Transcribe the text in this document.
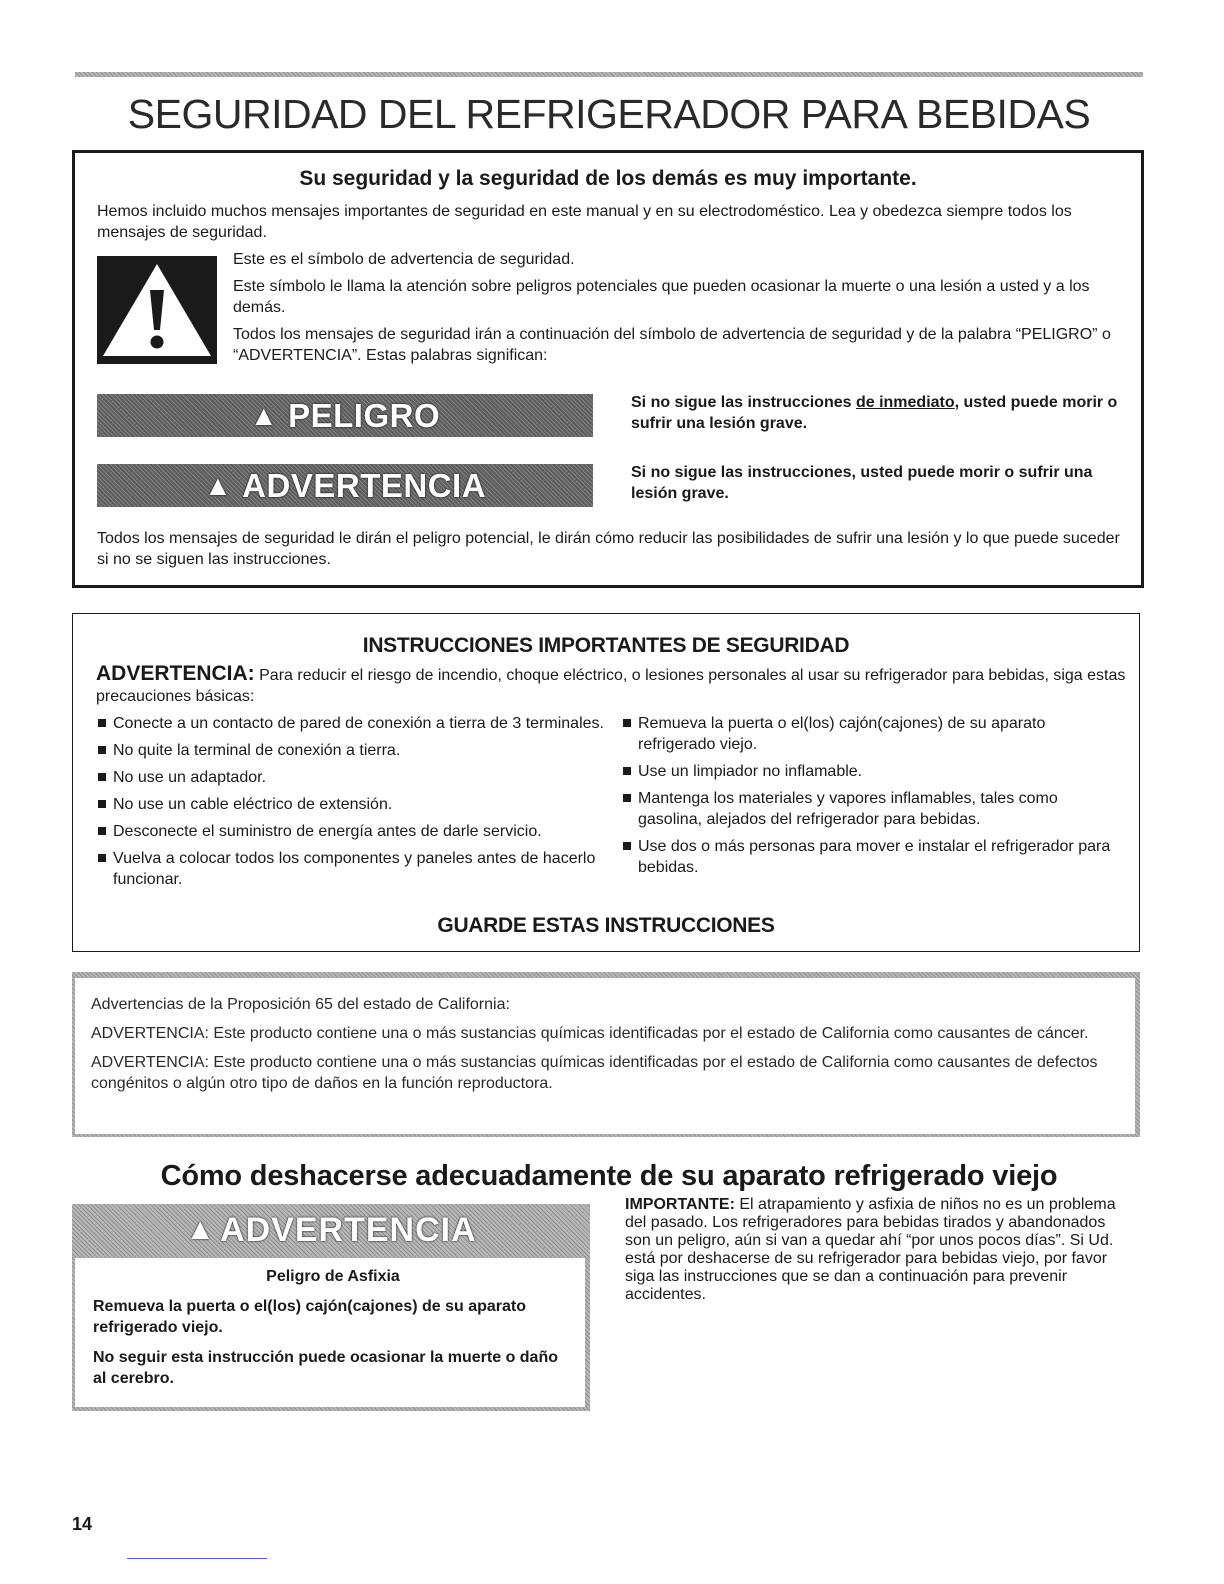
SEGURIDAD DEL REFRIGERADOR PARA BEBIDAS
Su seguridad y la seguridad de los demás es muy importante.
Hemos incluido muchos mensajes importantes de seguridad en este manual y en su electrodoméstico. Lea y obedezca siempre todos los mensajes de seguridad.

Este es el símbolo de advertencia de seguridad.

Este símbolo le llama la atención sobre peligros potenciales que pueden ocasionar la muerte o una lesión a usted y a los demás.

Todos los mensajes de seguridad irán a continuación del símbolo de advertencia de seguridad y de la palabra “PELIGRO” o “ADVERTENCIA”. Estas palabras significan:

▲ PELIGRO	Si no sigue las instrucciones de inmediato, usted puede morir o sufrir una lesión grave.
▲ ADVERTENCIA	Si no sigue las instrucciones, usted puede morir o sufrir una lesión grave.
Todos los mensajes de seguridad le dirán el peligro potencial, le dirán cómo reducir las posibilidades de sufrir una lesión y lo que puede suceder si no se siguen las instrucciones.
INSTRUCCIONES IMPORTANTES DE SEGURIDAD
ADVERTENCIA: Para reducir el riesgo de incendio, choque eléctrico, o lesiones personales al usar su refrigerador para bebidas, siga estas precauciones básicas:
Conecte a un contacto de pared de conexión a tierra de 3 terminales.
No quite la terminal de conexión a tierra.
No use un adaptador.
No use un cable eléctrico de extensión.
Desconecte el suministro de energía antes de darle servicio.
Vuelva a colocar todos los componentes y paneles antes de hacerlo funcionar.
Remueva la puerta o el(los) cajón(cajones) de su aparato refrigerado viejo.
Use un limpiador no inflamable.
Mantenga los materiales y vapores inflamables, tales como gasolina, alejados del refrigerador para bebidas.
Use dos o más personas para mover e instalar el refrigerador para bebidas.
GUARDE ESTAS INSTRUCCIONES

Advertencias de la Proposición 65 del estado de California:

ADVERTENCIA: Este producto contiene una o más sustancias químicas identificadas por el estado de California como causantes de cáncer.

ADVERTENCIA: Este producto contiene una o más sustancias químicas identificadas por el estado de California como causantes de defectos congénitos o algún otro tipo de daños en la función reproductora.

Cómo deshacerse adecuadamente de su aparato refrigerado viejo
▲ ADVERTENCIA

Peligro de Asfixia

Remueva la puerta o el(los) cajón(cajones) de su aparato refrigerado viejo.

No seguir esta instrucción puede ocasionar la muerte o daño al cerebro.

IMPORTANTE: El atrapamiento y asfixia de niños no es un problema del pasado. Los refrigeradores para bebidas tirados y abandonados son un peligro, aún si van a quedar ahí “por unos pocos días”. Si Ud. está por deshacerse de su refrigerador para bebidas viejo, por favor siga las instrucciones que se dan a continuación para prevenir accidentes.
14
